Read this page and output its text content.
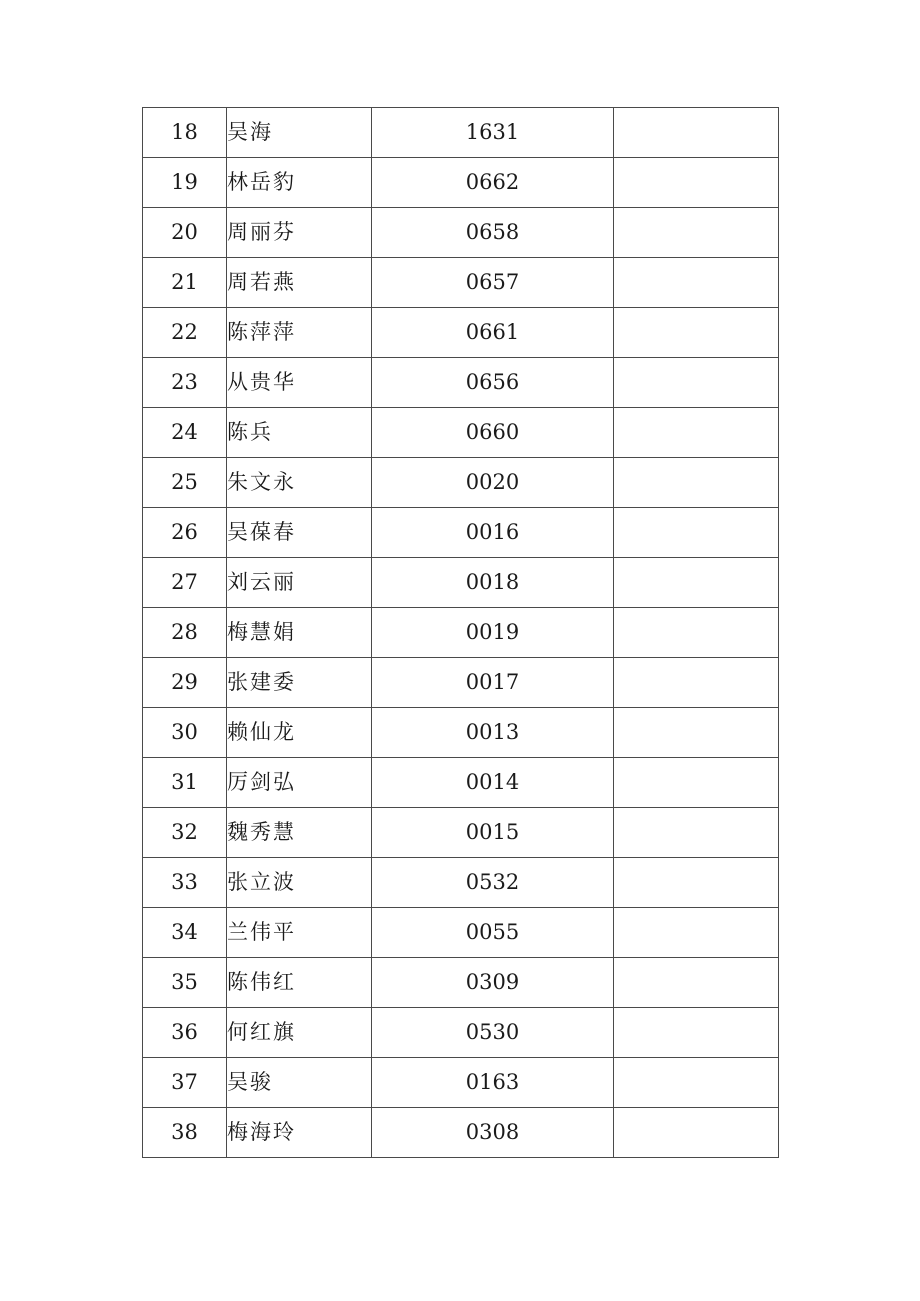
18	吴海	1631	
19	林岳豹	0662	
20	周丽芬	0658	
21	周若燕	0657	
22	陈萍萍	0661	
23	从贵华	0656	
24	陈兵	0660	
25	朱文永	0020	
26	吴葆春	0016	
27	刘云丽	0018	
28	梅慧娟	0019	
29	张建委	0017	
30	赖仙龙	0013	
31	厉剑弘	0014	
32	魏秀慧	0015	
33	张立波	0532	
34	兰伟平	0055	
35	陈伟红	0309	
36	何红旗	0530	
37	吴骏	0163	
38	梅海玲	0308	
